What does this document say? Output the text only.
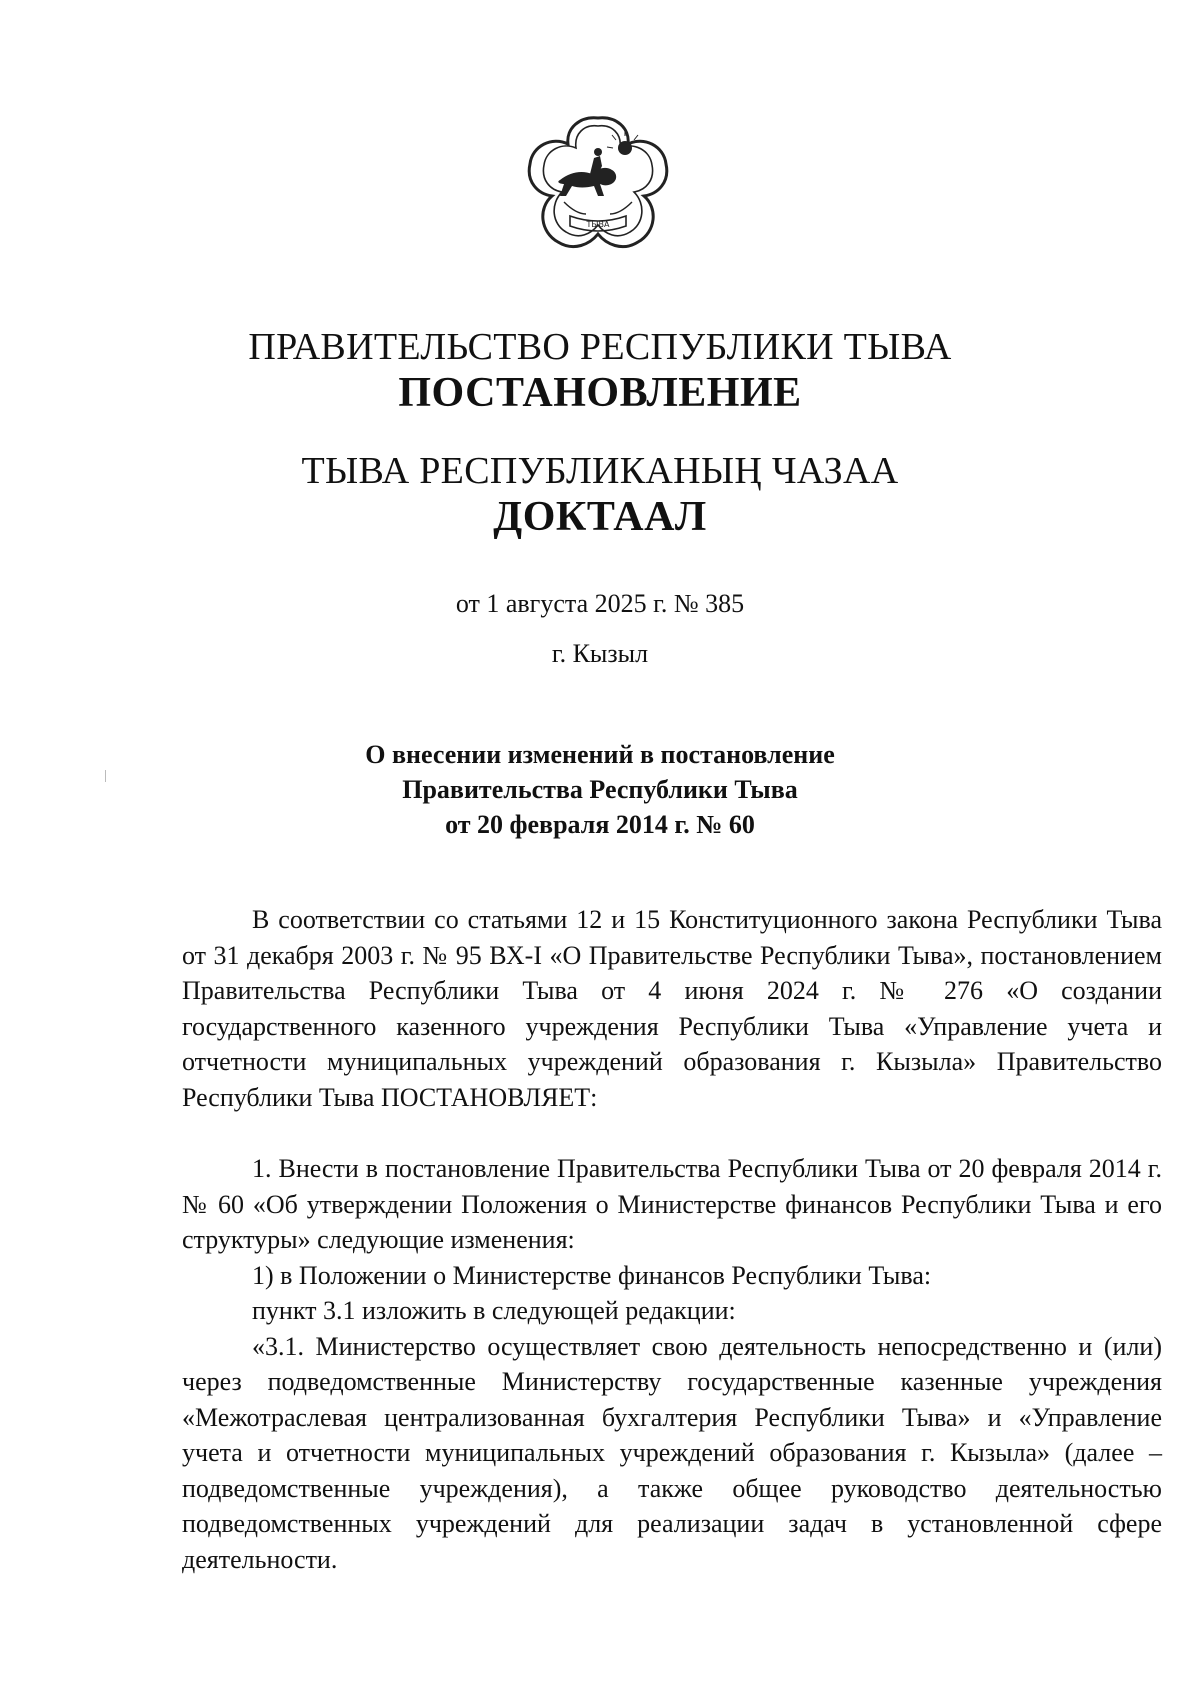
ТЫВА
ПРАВИТЕЛЬСТВО РЕСПУБЛИКИ ТЫВА
ПОСТАНОВЛЕНИЕ
ТЫВА РЕСПУБЛИКАНЫҢ ЧАЗАА
ДОКТААЛ
от 1 августа 2025 г. № 385
г. Кызыл
О внесении изменений в постановление
Правительства Республики Тыва
от 20 февраля 2014 г. № 60

В соответствии со статьями 12 и 15 Конституционного закона Республики Тыва от 31 декабря 2003 г. № 95 ВХ-I «О Правительстве Республики Тыва», постановлением Правительства Республики Тыва от 4 июня 2024 г. № 276 «О создании государственного казенного учреждения Республики Тыва «Управление учета и отчетности муниципальных учреждений образования г. Кызыла» Правительство Республики Тыва ПОСТАНОВЛЯЕТ:

1. Внести в постановление Правительства Республики Тыва от 20 февраля 2014 г. № 60 «Об утверждении Положения о Министерстве финансов Республики Тыва и его структуры» следующие изменения:

1) в Положении о Министерстве финансов Республики Тыва:

пункт 3.1 изложить в следующей редакции:

«3.1. Министерство осуществляет свою деятельность непосредственно и (или) через подведомственные Министерству государственные казенные учреждения «Межотраслевая централизованная бухгалтерия Республики Тыва» и «Управление учета и отчетности муниципальных учреждений образования г. Кызыла» (далее – подведомственные учреждения), а также общее руководство деятельностью подведомственных учреждений для реализации задач в установленной сфере деятельности.
